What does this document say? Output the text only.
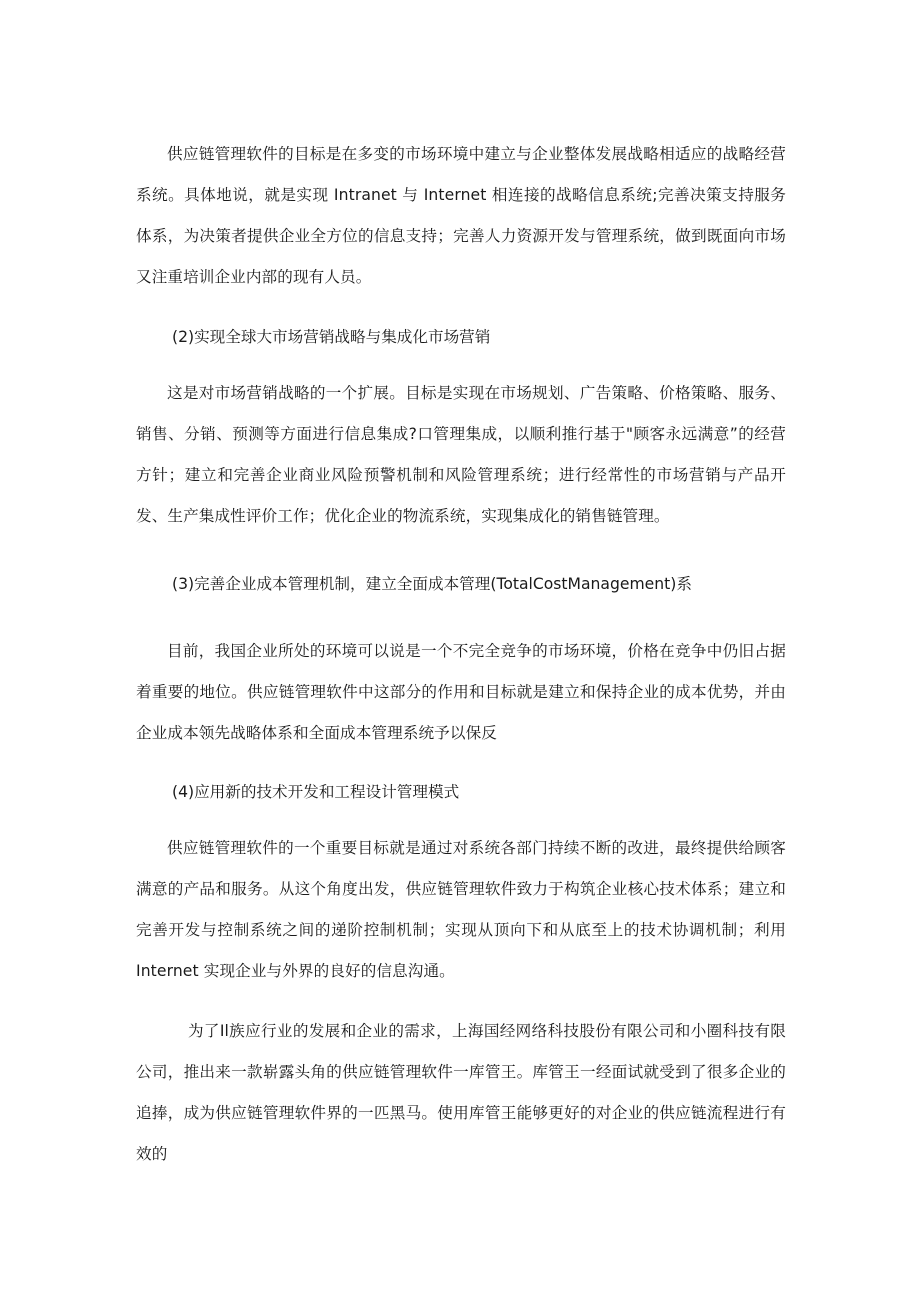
供应链管理软件的目标是在多变的市场环境中建立与企业整体发展战略相适应的战略经营系统。具体地说，就是实现 Intranet 与 Internet 相连接的战略信息系统;完善决策支持服务体系，为决策者提供企业全方位的信息支持；完善人力资源开发与管理系统，做到既面向市场又注重培训企业内部的现有人员。

(2)实现全球大市场营销战略与集成化市场营销

这是对市场营销战略的一个扩展。目标是实现在市场规划、广告策略、价格策略、服务、销售、分销、预测等方面进行信息集成?口管理集成，以顺利推行基于"顾客永远满意”的经营方针；建立和完善企业商业风险预警机制和风险管理系统；进行经常性的市场营销与产品开发、生产集成性评价工作；优化企业的物流系统，实现集成化的销售链管理。

(3)完善企业成本管理机制，建立全面成本管理(TotalCostManagement)系

目前，我国企业所处的环境可以说是一个不完全竞争的市场环境，价格在竞争中仍旧占据着重要的地位。供应链管理软件中这部分的作用和目标就是建立和保持企业的成本优势，并由企业成本领先战略体系和全面成本管理系统予以保反

(4)应用新的技术开发和工程设计管理模式

供应链管理软件的一个重要目标就是通过对系统各部门持续不断的改进，最终提供给顾客满意的产品和服务。从这个角度出发，供应链管理软件致力于构筑企业核心技术体系；建立和完善开发与控制系统之间的递阶控制机制；实现从顶向下和从底至上的技术协调机制；利用 Internet 实现企业与外界的良好的信息沟通。

为了Il族应行业的发展和企业的需求，上海国经网络科技股份有限公司和小圈科技有限公司，推出来一款崭露头角的供应链管理软件一库管王。库管王一经面试就受到了很多企业的追捧，成为供应链管理软件界的一匹黑马。使用库管王能够更好的对企业的供应链流程进行有效的
